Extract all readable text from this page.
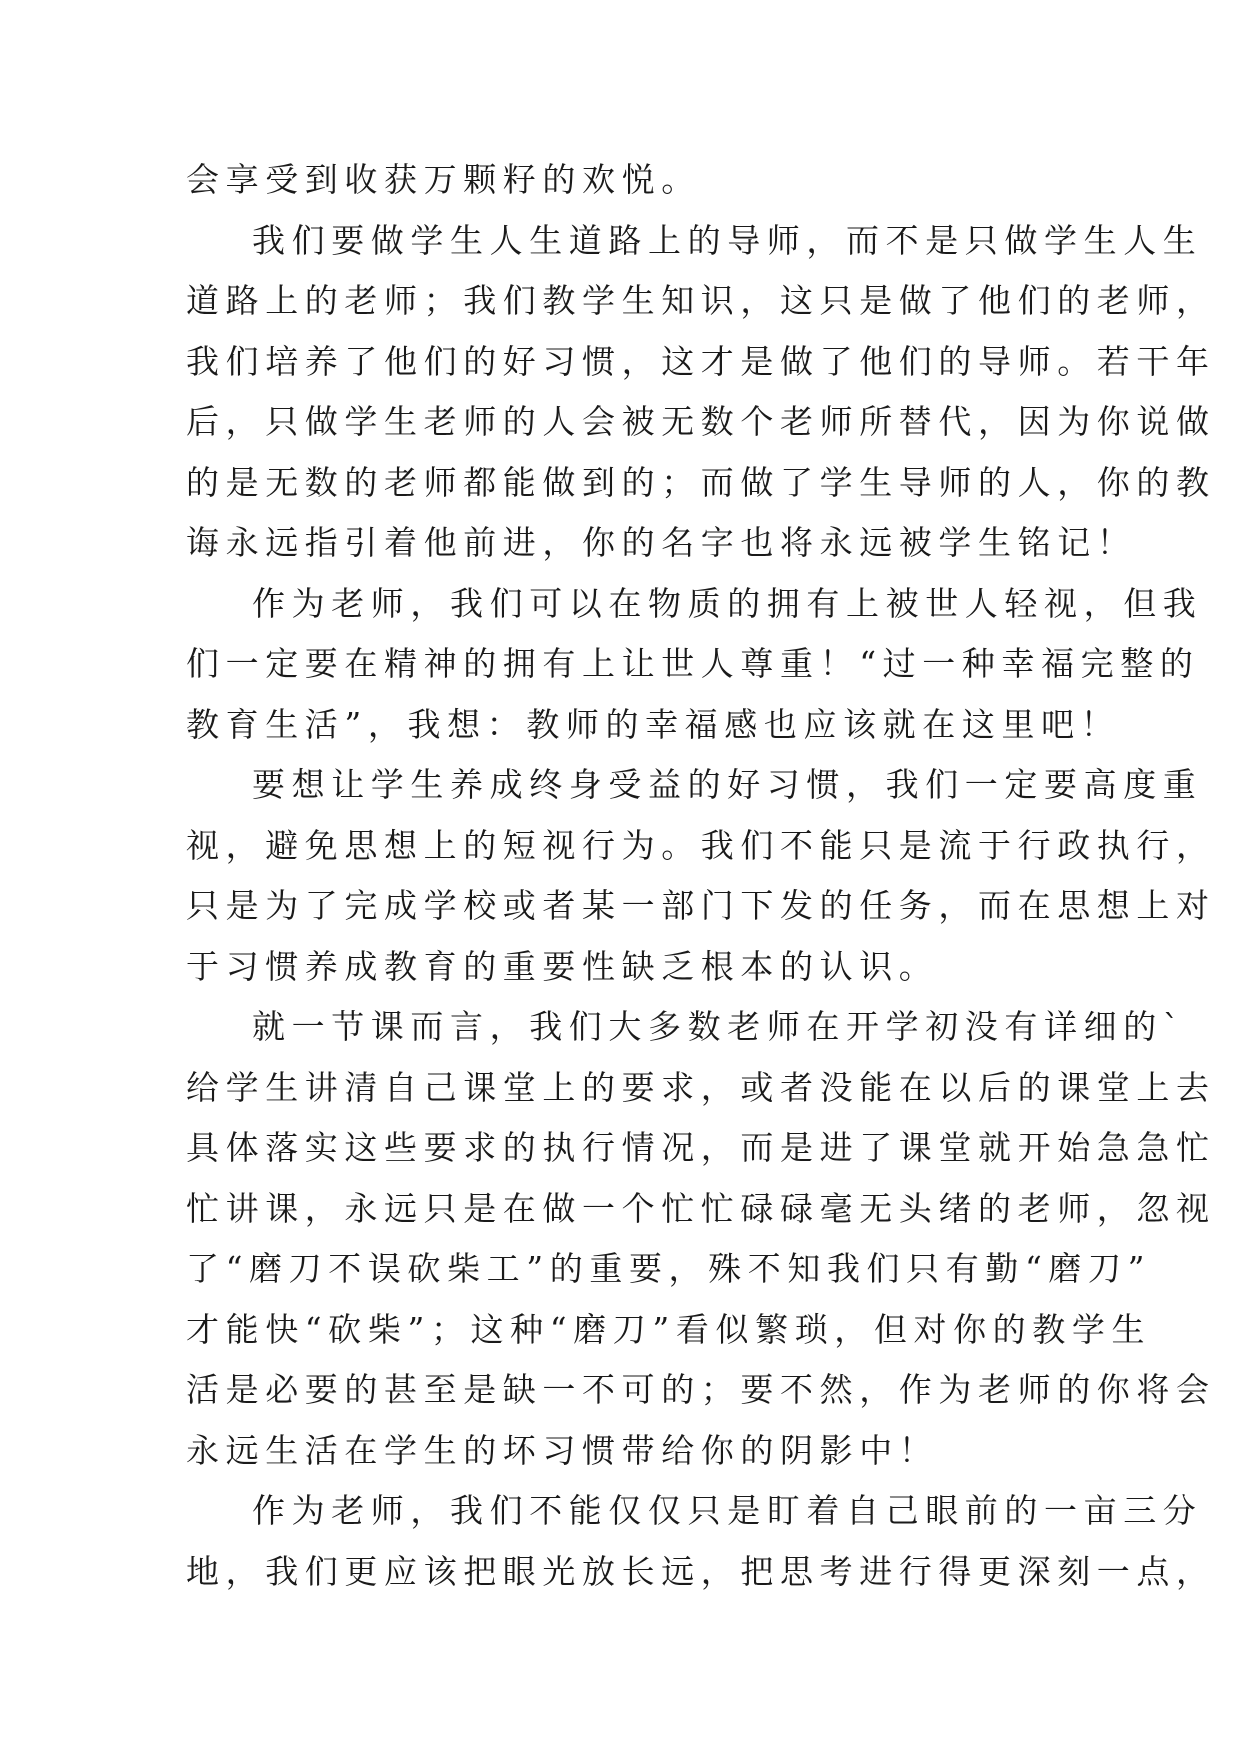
会享受到收获万颗籽的欢悦。
我们要做学生人生道路上的导师，而不是只做学生人生
道路上的老师；我们教学生知识，这只是做了他们的老师，
我们培养了他们的好习惯，这才是做了他们的导师。若干年
后，只做学生老师的人会被无数个老师所替代，因为你说做
的是无数的老师都能做到的；而做了学生导师的人，你的教
诲永远指引着他前进，你的名字也将永远被学生铭记！
作为老师，我们可以在物质的拥有上被世人轻视，但我
们一定要在精神的拥有上让世人尊重！“过一种幸福完整的
教育生活”，我想：教师的幸福感也应该就在这里吧！
要想让学生养成终身受益的好习惯，我们一定要高度重
视，避免思想上的短视行为。我们不能只是流于行政执行，
只是为了完成学校或者某一部门下发的任务，而在思想上对
于习惯养成教育的重要性缺乏根本的认识。
就一节课而言，我们大多数老师在开学初没有详细的`
给学生讲清自己课堂上的要求，或者没能在以后的课堂上去
具体落实这些要求的执行情况，而是进了课堂就开始急急忙
忙讲课，永远只是在做一个忙忙碌碌毫无头绪的老师，忽视
了“磨刀不误砍柴工”的重要，殊不知我们只有勤“磨刀”
才能快“砍柴”；这种“磨刀”看似繁琐，但对你的教学生
活是必要的甚至是缺一不可的；要不然，作为老师的你将会
永远生活在学生的坏习惯带给你的阴影中！
作为老师，我们不能仅仅只是盯着自己眼前的一亩三分
地，我们更应该把眼光放长远，把思考进行得更深刻一点，
